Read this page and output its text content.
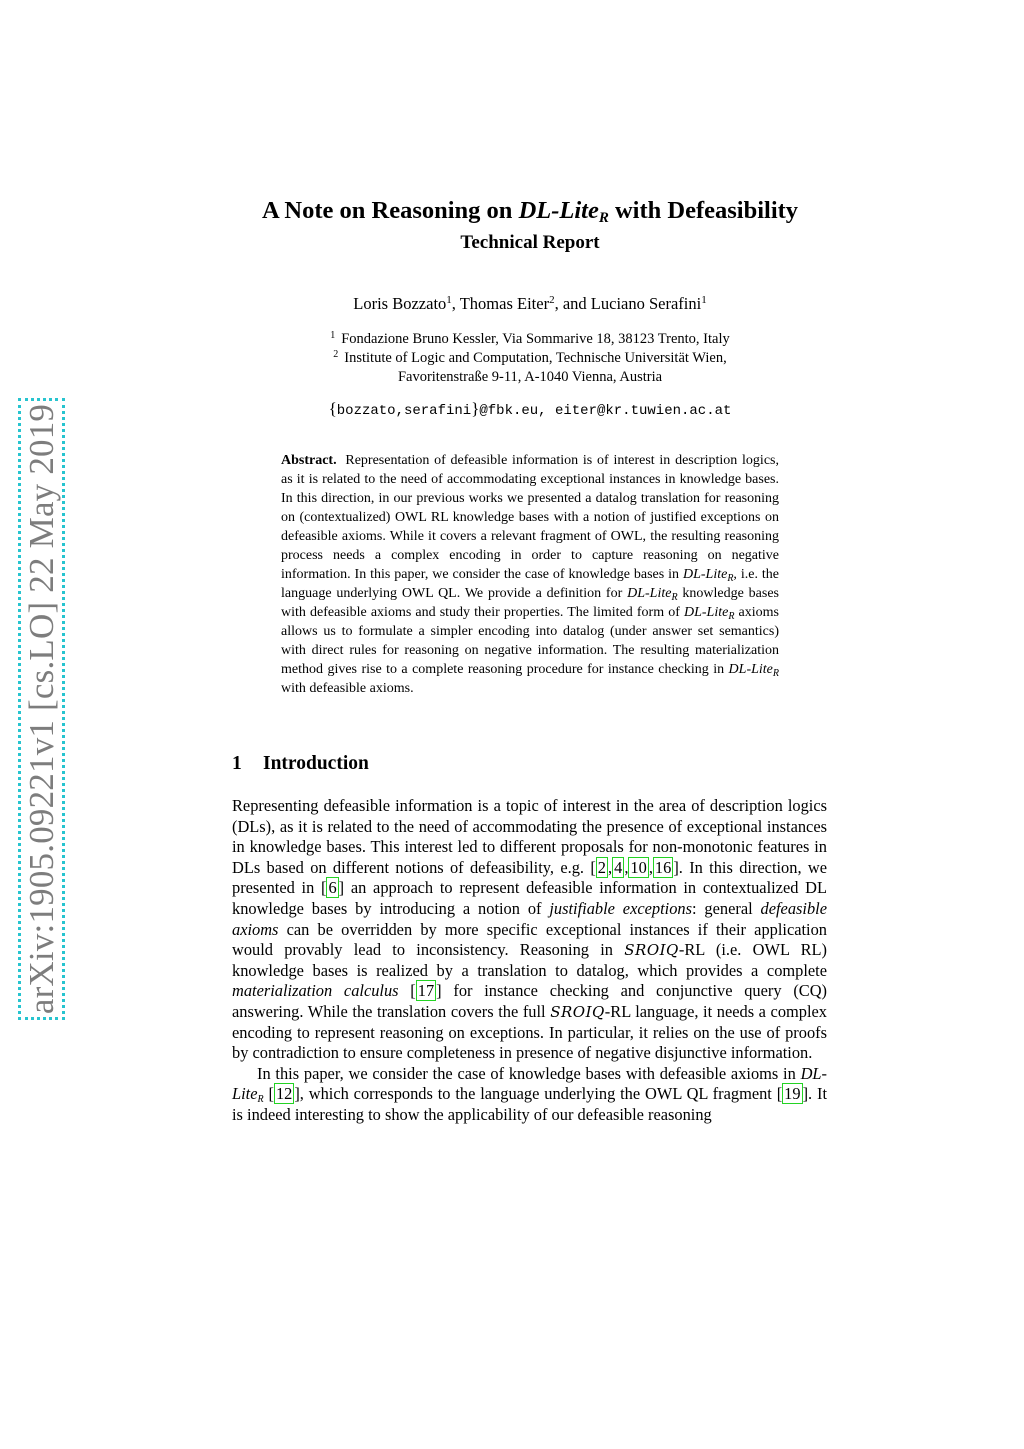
arXiv:1905.09221v1 [cs.LO] 22 May 2019
A Note on Reasoning on DL-Lite$_R$ with Defeasibility
Technical Report
Loris Bozzato$^1$, Thomas Eiter$^2$, and Luciano Serafini$^1$
$^1$ Fondazione Bruno Kessler, Via Sommarive 18, 38123 Trento, Italy
$^2$ Institute of Logic and Computation, Technische Universität Wien,
Favoritenstraße 9-11, A-1040 Vienna, Austria
{bozzato,serafini}@fbk.eu, eiter@kr.tuwien.ac.at
Abstract. Representation of defeasible information is of interest in description logics, as it is related to the need of accommodating exceptional instances in knowledge bases. In this direction, in our previous works we presented a datalog translation for reasoning on (contextualized) OWL RL knowledge bases with a notion of justified exceptions on defeasible axioms. While it covers a relevant fragment of OWL, the resulting reasoning process needs a complex encoding in order to capture reasoning on negative information. In this paper, we consider the case of knowledge bases in DL-Lite$_R$, i.e. the language underlying OWL QL. We provide a definition for DL-Lite$_R$ knowledge bases with defeasible axioms and study their properties. The limited form of DL-Lite$_R$ axioms allows us to formulate a simpler encoding into datalog (under answer set semantics) with direct rules for reasoning on negative information. The resulting materialization method gives rise to a complete reasoning procedure for instance checking in DL-Lite$_R$ with defeasible axioms.
1 Introduction

Representing defeasible information is a topic of interest in the area of description logics (DLs), as it is related to the need of accommodating the presence of exceptional instances in knowledge bases. This interest led to different proposals for non-monotonic features in DLs based on different notions of defeasibility, e.g. [ 2 , 4 , 10 , 16 ]. In this direction, we presented in [ 6 ] an approach to represent defeasible information in contextualized DL knowledge bases by introducing a notion of justifiable exceptions: general defeasible axioms can be overridden by more specific exceptional instances if their application would provably lead to inconsistency. Reasoning in SROIQ-RL (i.e. OWL RL) knowledge bases is realized by a translation to datalog, which provides a complete materialization calculus [ 17 ] for instance checking and conjunctive query (CQ) answering. While the translation covers the full SROIQ-RL language, it needs a complex encoding to represent reasoning on exceptions. In particular, it relies on the use of proofs by contradiction to ensure completeness in presence of negative disjunctive information.

In this paper, we consider the case of knowledge bases with defeasible axioms in DL-Lite$_R$ [ 12 ], which corresponds to the language underlying the OWL QL fragment [ 19 ]. It is indeed interesting to show the applicability of our defeasible reasoning
